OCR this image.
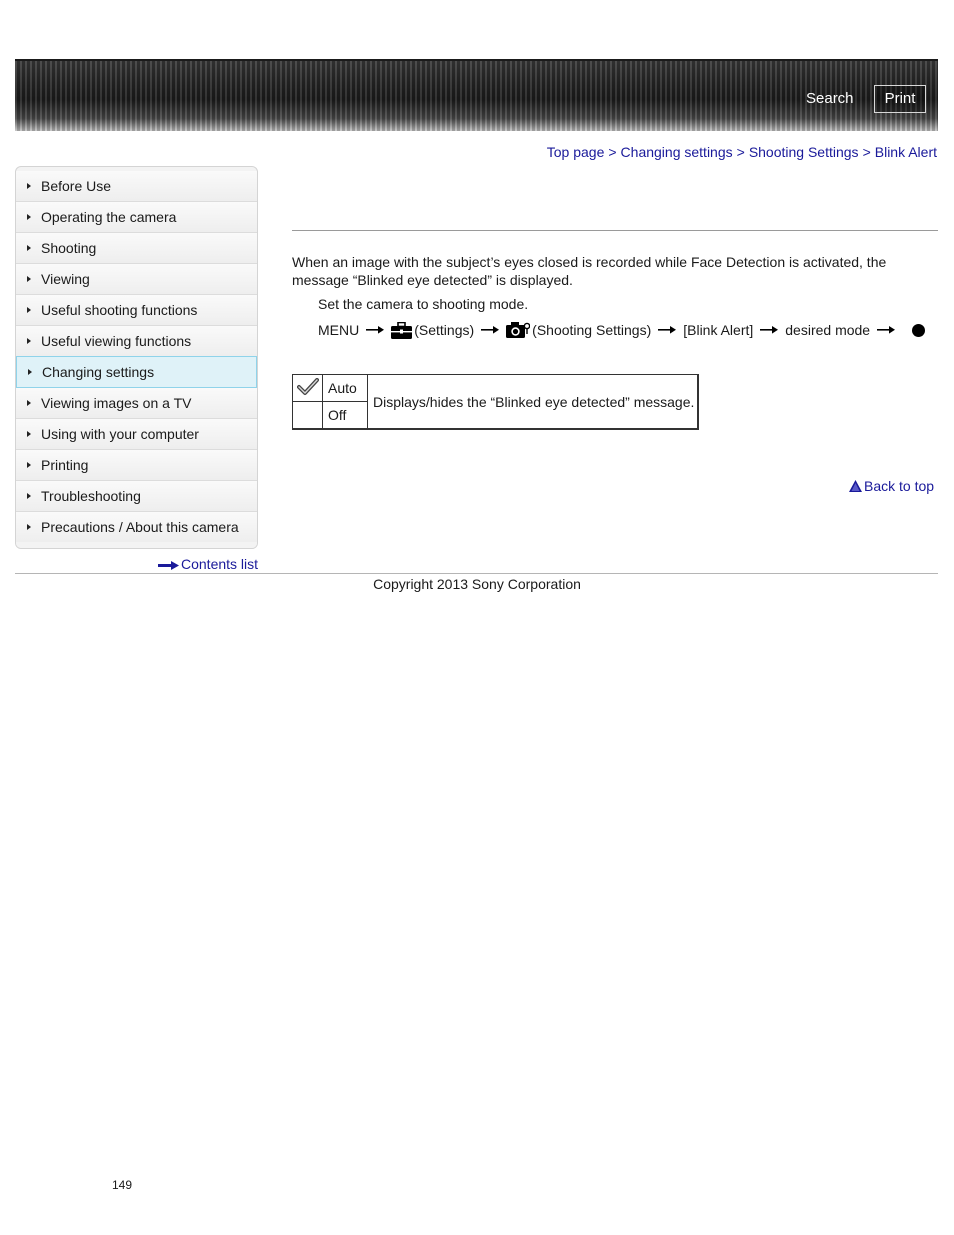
Search	Print
Top page > Changing settings > Shooting Settings > Blink Alert
Before Use
Operating the camera
Shooting
Viewing
Useful shooting functions
Useful viewing functions
Changing settings
Viewing images on a TV
Using with your computer
Printing
Troubleshooting
Precautions / About this camera
Contents list
When an image with the subject’s eyes closed is recorded while Face Detection is activated, the message “Blinked eye detected” is displayed.
Set the camera to shooting mode.
MENU	(Settings)	(Shooting Settings) [Blink Alert] desired mode
	Auto	Displays/hides the “Blinked eye detected” message.
	Off	
Back to top
Copyright 2013 Sony Corporation
149
